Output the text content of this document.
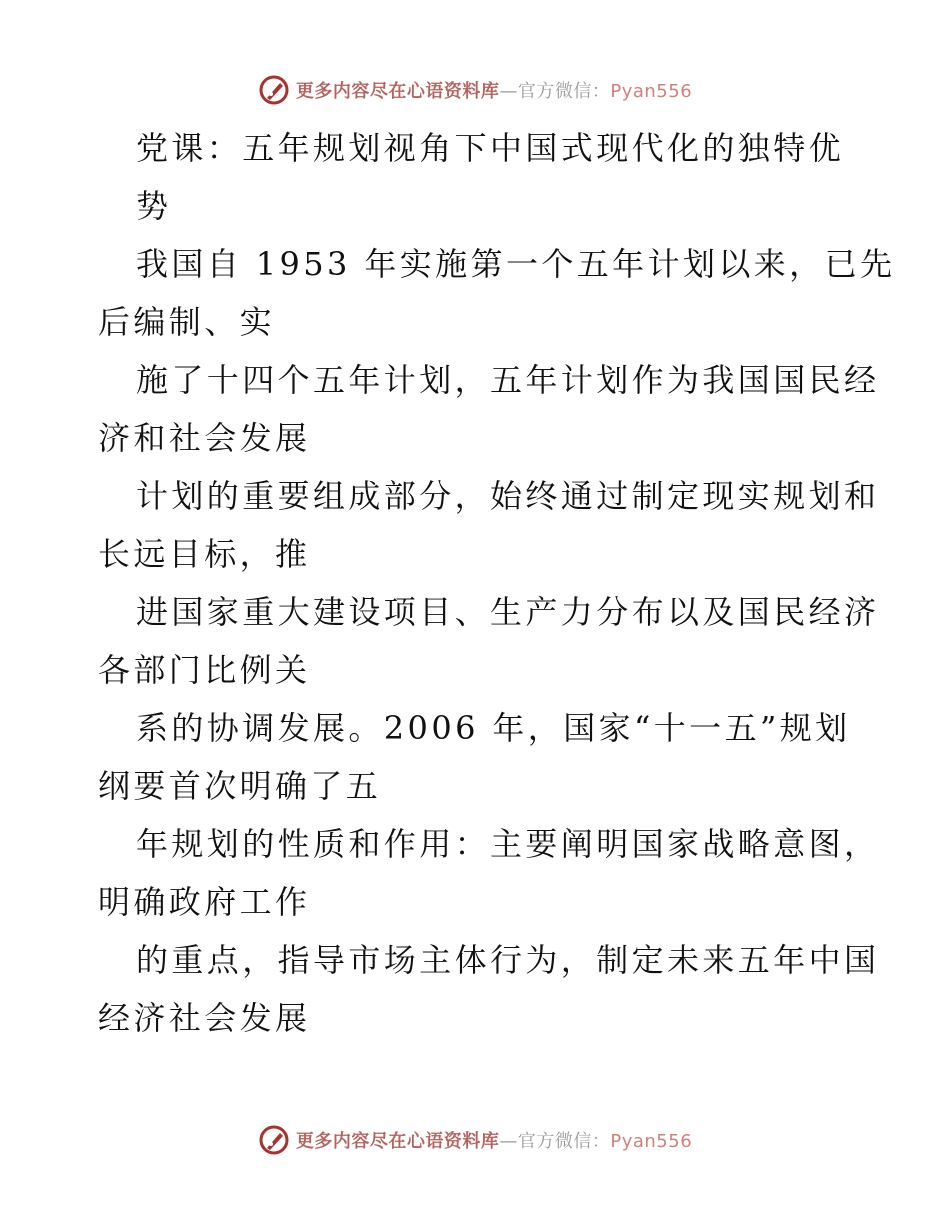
更多内容尽在心语资料库—官方微信：Pyan556
党课：五年规划视角下中国式现代化的独特优
势
我国自 1953 年实施第一个五年计划以来，已先
后编制、实
施了十四个五年计划，五年计划作为我国国民经
济和社会发展
计划的重要组成部分，始终通过制定现实规划和
长远目标，推
进国家重大建设项目、生产力分布以及国民经济
各部门比例关
系的协调发展。2006 年，国家“十一五”规划
纲要首次明确了五
年规划的性质和作用：主要阐明国家战略意图，
明确政府工作
的重点，指导市场主体行为，制定未来五年中国
经济社会发展
更多内容尽在心语资料库—官方微信：Pyan556
